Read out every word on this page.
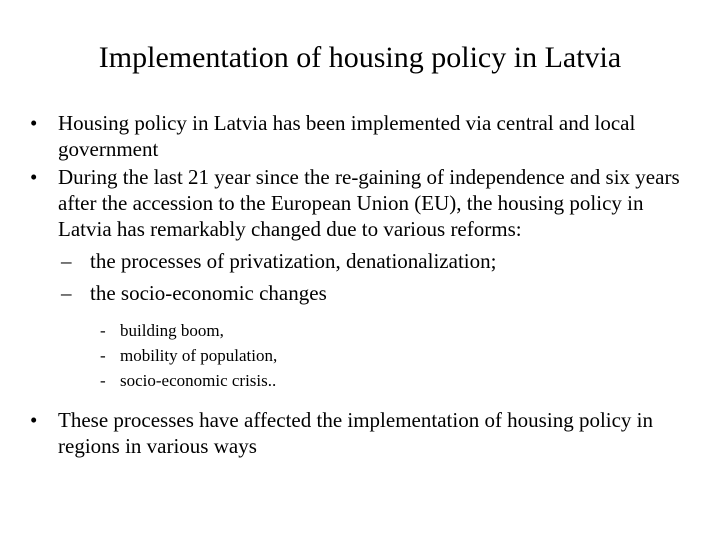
Implementation of housing policy in Latvia
• Housing policy in Latvia has been implemented via central and local government
• During the last 21 year since the re-gaining of independence and six years after the accession to the European Union (EU), the housing policy in Latvia has remarkably changed due to various reforms:
– the processes of privatization, denationalization;
– the socio-economic changes
- building boom,
- mobility of population,
- socio-economic crisis..
• These processes have affected the implementation of housing policy in regions in various ways
